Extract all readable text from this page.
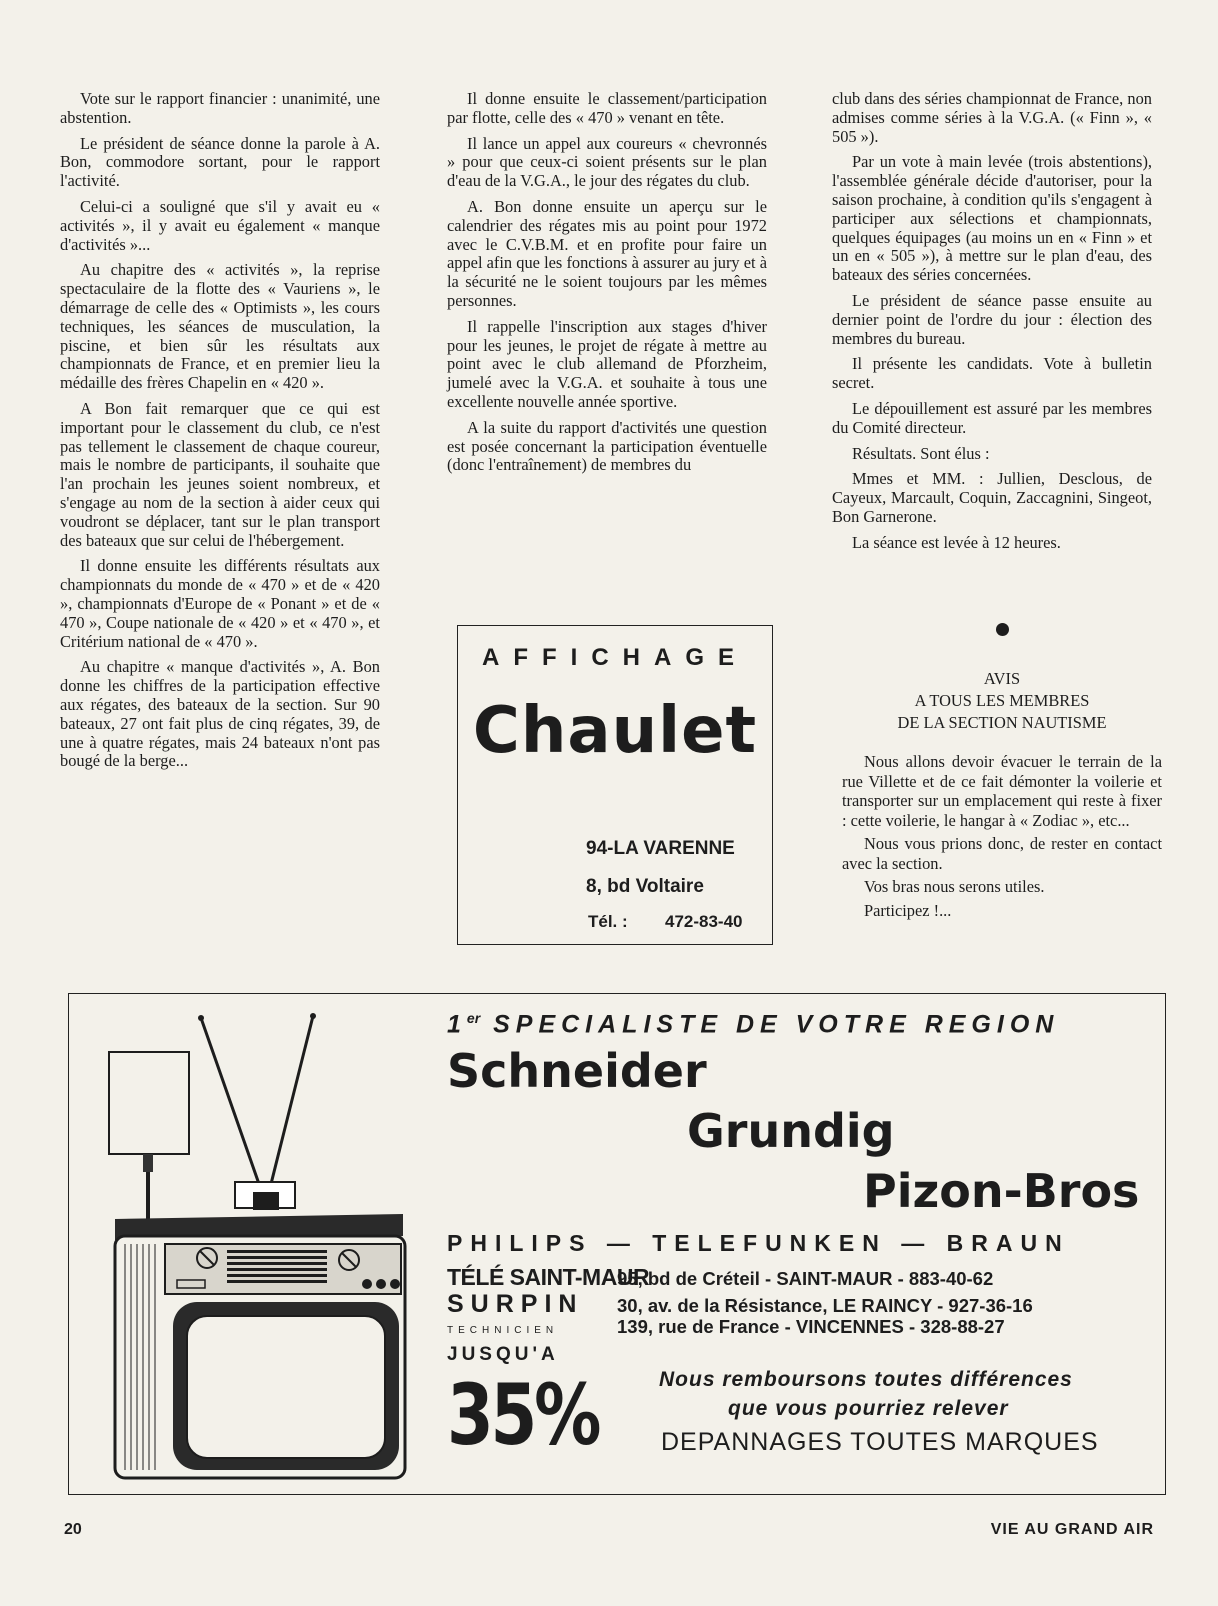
Vote sur le rapport financier : unanimité, une abstention.

Le président de séance donne la parole à A. Bon, commodore sortant, pour le rapport l'activité.

Celui-ci a souligné que s'il y avait eu « activités », il y avait eu également « manque d'activités »...

Au chapitre des « activités », la reprise spectaculaire de la flotte des « Vauriens », le démarrage de celle des « Optimists », les cours techniques, les séances de musculation, la piscine, et bien sûr les résultats aux championnats de France, et en premier lieu la médaille des frères Chapelin en « 420 ».

A Bon fait remarquer que ce qui est important pour le classement du club, ce n'est pas tellement le classement de chaque coureur, mais le nombre de participants, il souhaite que l'an prochain les jeunes soient nombreux, et s'engage au nom de la section à aider ceux qui voudront se déplacer, tant sur le plan transport des bateaux que sur celui de l'hébergement.

Il donne ensuite les différents résultats aux championnats du monde de « 470 » et de « 420 », championnats d'Europe de « Ponant » et de « 470 », Coupe nationale de « 420 » et « 470 », et Critérium national de « 470 ».

Au chapitre « manque d'activités », A. Bon donne les chiffres de la participation effective aux régates, des bateaux de la section. Sur 90 bateaux, 27 ont fait plus de cinq régates, 39, de une à quatre régates, mais 24 bateaux n'ont pas bougé de la berge...

Il donne ensuite le classement/participation par flotte, celle des « 470 » venant en tête.

Il lance un appel aux coureurs « chevronnés » pour que ceux-ci soient présents sur le plan d'eau de la V.G.A., le jour des régates du club.

A. Bon donne ensuite un aperçu sur le calendrier des régates mis au point pour 1972 avec le C.V.B.M. et en profite pour faire un appel afin que les fonctions à assurer au jury et à la sécurité ne le soient toujours par les mêmes personnes.

Il rappelle l'inscription aux stages d'hiver pour les jeunes, le projet de régate à mettre au point avec le club allemand de Pforzheim, jumelé avec la V.G.A. et souhaite à tous une excellente nouvelle année sportive.

A la suite du rapport d'activités une question est posée concernant la participation éventuelle (donc l'entraînement) de membres du

club dans des séries championnat de France, non admises comme séries à la V.G.A. (« Finn », « 505 »).

Par un vote à main levée (trois abstentions), l'assemblée générale décide d'autoriser, pour la saison prochaine, à condition qu'ils s'engagent à participer aux sélections et championnats, quelques équipages (au moins un en « Finn » et un en « 505 »), à mettre sur le plan d'eau, des bateaux des séries concernées.

Le président de séance passe ensuite au dernier point de l'ordre du jour : élection des membres du bureau.

Il présente les candidats. Vote à bulletin secret.

Le dépouillement est assuré par les membres du Comité directeur.

Résultats. Sont élus :

Mmes et MM. : Jullien, Desclous, de Cayeux, Marcault, Coquin, Zaccagnini, Singeot, Bon Garnerone.

La séance est levée à 12 heures.

AFFICHAGE
Chaulet
94-LA VARENNE
8, bd Voltaire
Tél. : 472-83-40

AVIS

A TOUS LES MEMBRES

DE LA SECTION NAUTISME

Nous allons devoir évacuer le terrain de la rue Villette et de ce fait démonter la voilerie et transporter sur un emplacement qui reste à fixer : cette voilerie, le hangar à « Zodiac », etc...

Nous vous prions donc, de rester en contact avec la section.

Vos bras nous serons utiles.

Participez !...

1er SPECIALISTE DE VOTRE REGION
Schneider
Grundig
Pizon-Bros
PHILIPS — TELEFUNKEN — BRAUN
TÉLÉ SAINT-MAUR95, bd de Créteil - SAINT-MAUR - 883-40-62
SURPIN 30, av. de la Résistance, LE RAINCY - 927-36-16
TECHNICIEN	139, rue de France - VINCENNES - 328-88-27
JUSQU'A
35%	Nous remboursons toutes différences
que vous pourriez relever
DEPANNAGES TOUTES MARQUES
20	VIE AU GRAND AIR
